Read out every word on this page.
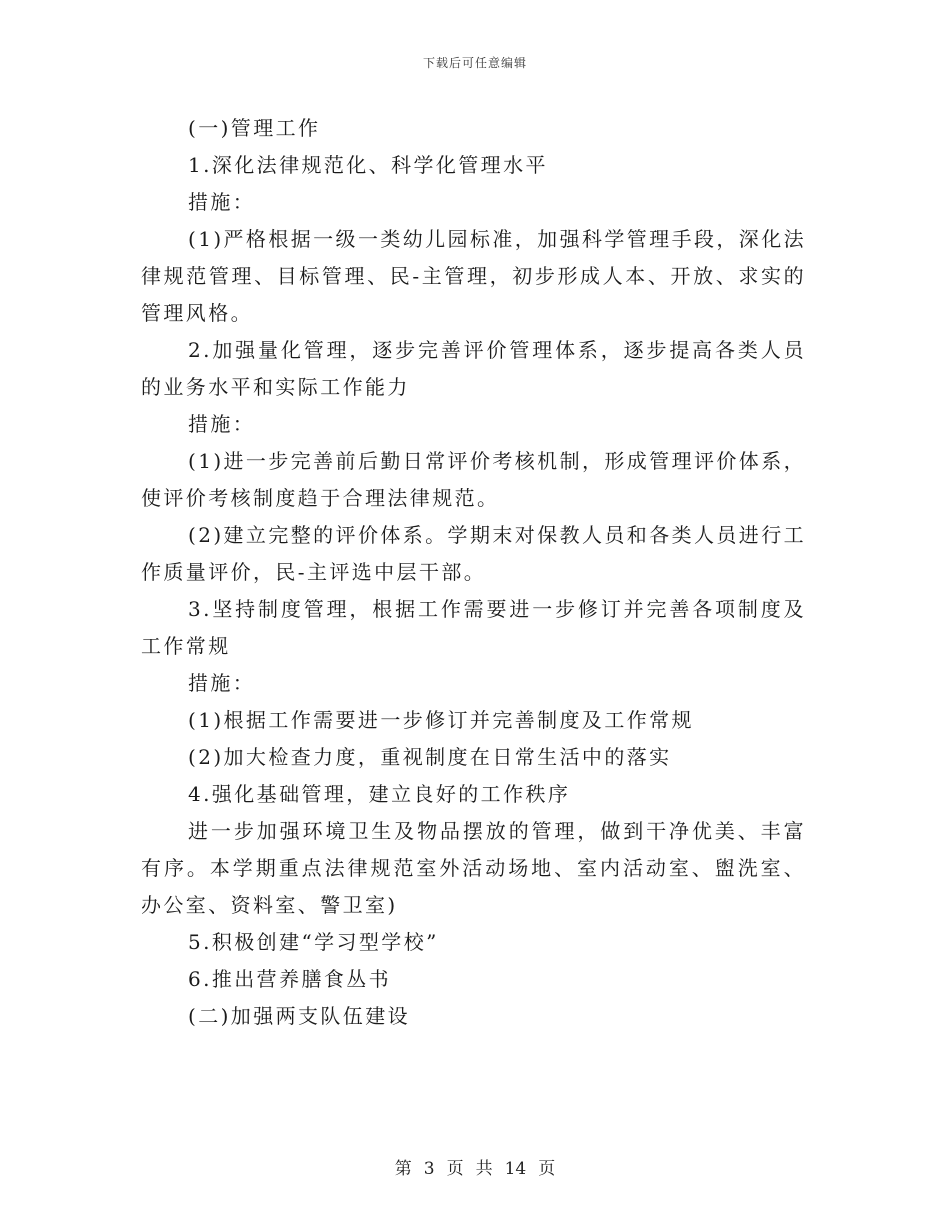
下载后可任意编辑

(一)管理工作

1.深化法律规范化、科学化管理水平

措施：

(1)严格根据一级一类幼儿园标准，加强科学管理手段，深化法律规范管理、目标管理、民-主管理，初步形成人本、开放、求实的管理风格。

2.加强量化管理，逐步完善评价管理体系，逐步提高各类人员的业务水平和实际工作能力

措施：

(1)进一步完善前后勤日常评价考核机制，形成管理评价体系，使评价考核制度趋于合理法律规范。

(2)建立完整的评价体系。学期末对保教人员和各类人员进行工作质量评价，民-主评选中层干部。

3.坚持制度管理，根据工作需要进一步修订并完善各项制度及工作常规

措施：

(1)根据工作需要进一步修订并完善制度及工作常规

(2)加大检查力度，重视制度在日常生活中的落实

4.强化基础管理，建立良好的工作秩序

进一步加强环境卫生及物品摆放的管理，做到干净优美、丰富有序。本学期重点法律规范室外活动场地、室内活动室、盥洗室、办公室、资料室、警卫室)

5.积极创建“学习型学校”

6.推出营养膳食丛书

(二)加强两支队伍建设

第 3 页 共 14 页
